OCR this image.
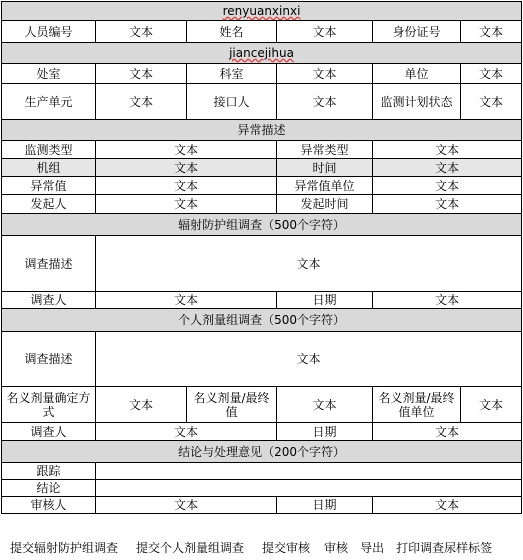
renyuanxinxi					
人员编号	文本	姓名	文本	身份证号	文本
jiancejihua					
处室	文本	科室	文本	单位	文本
生产单元	文本	接口人	文本	监测计划状态	文本
异常描述					
监测类型	文本		异常类型	文本	
机组	文本		时间	文本	
异常值	文本		异常值单位	文本	
发起人	文本		发起时间	文本	
辐射防护组调查（500个字符）					
调查描述	文本				
调查人	文本		日期	文本	
个人剂量组调查（500个字符）					
调查描述	文本				
名义剂量确定方式	文本	名义剂量/最终值	文本	名义剂量/最终值单位	文本
调查人	文本		日期	文本	
结论与处理意见（200个字符）					
跟踪					
结论					
审核人	文本		日期	文本	
提交辐射防护组调查 提交个人剂量组调查 提交审核 审核 导出 打印调查尿样标签
